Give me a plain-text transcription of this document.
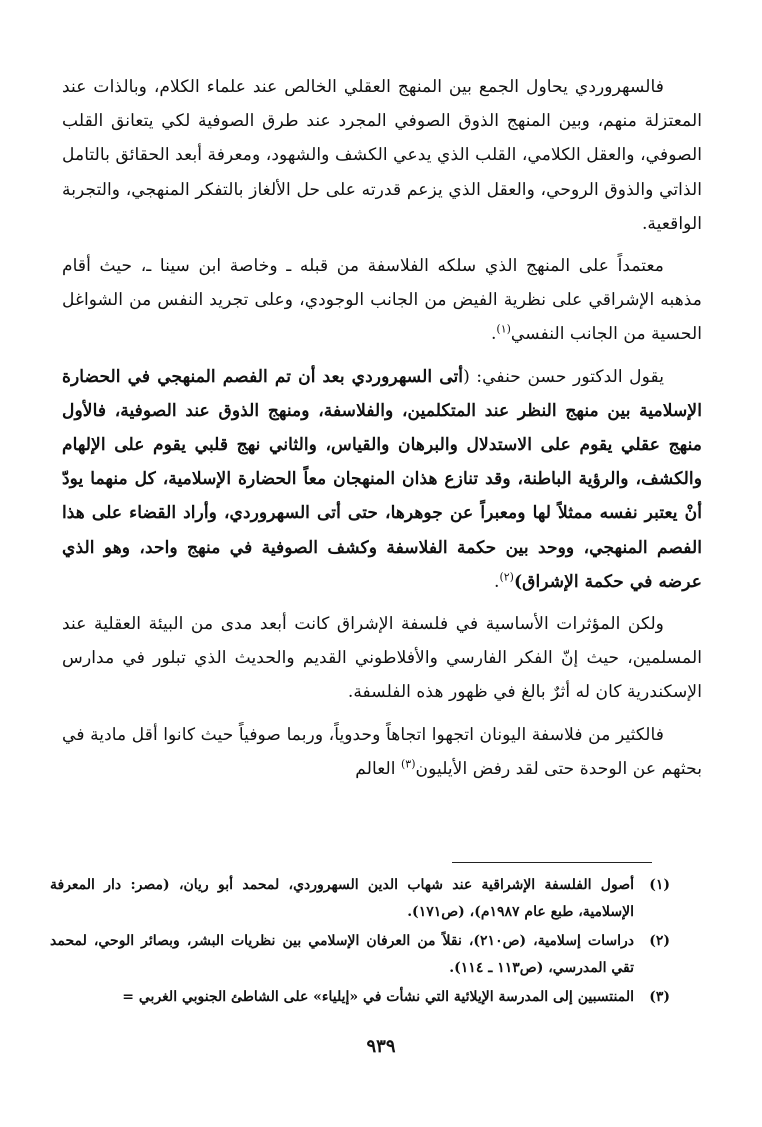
فالسهروردي يحاول الجمع بين المنهج العقلي الخالص عند علماء الكلام، وبالذات عند المعتزلة منهم، وبين المنهج الذوق الصوفي المجرد عند طرق الصوفية لكي يتعانق القلب الصوفي، والعقل الكلامي، القلب الذي يدعي الكشف والشهود، ومعرفة أبعد الحقائق بالتامل الذاتي والذوق الروحي، والعقل الذي يزعم قدرته على حل الألغاز بالتفكر المنهجي، والتجربة الواقعية.

معتمداً على المنهج الذي سلكه الفلاسفة من قبله ـ وخاصة ابن سينا ـ، حيث أقام مذهبه الإشراقي على نظرية الفيض من الجانب الوجودي، وعلى تجريد النفس من الشواغل الحسية من الجانب النفسي$^{(١)}$.

يقول الدكتور حسن حنفي: (أتى السهروردي بعد أن تم الفصم المنهجي في الحضارة الإسلامية بين منهج النظر عند المتكلمين، والفلاسفة، ومنهج الذوق عند الصوفية، فالأول منهج عقلي يقوم على الاستدلال والبرهان والقياس، والثاني نهج قلبي يقوم على الإلهام والكشف، والرؤية الباطنة، وقد تنازع هذان المنهجان معاً الحضارة الإسلامية، كل منهما يودّ أنْ يعتبر نفسه ممثلاً لها ومعبراً عن جوهرها، حتى أتى السهروردي، وأراد القضاء على هذا الفصم المنهجي، ووحد بين حكمة الفلاسفة وكشف الصوفية في منهج واحد، وهو الذي عرضه في حكمة الإشراق)$^{(٢)}$.

ولكن المؤثرات الأساسية في فلسفة الإشراق كانت أبعد مدى من البيئة العقلية عند المسلمين، حيث إنّ الفكر الفارسي والأفلاطوني القديم والحديث الذي تبلور في مدارس الإسكندرية كان له أثرٌ بالغ في ظهور هذه الفلسفة.

فالكثير من فلاسفة اليونان اتجهوا اتجاهاً وحدوياً، وربما صوفياً حيث كانوا أقل مادية في بحثهم عن الوحدة حتى لقد رفض الأيليون$^{(٣)}$ العالم

(١)
أصول الفلسفة الإشراقية عند شهاب الدين السهروردي، لمحمد أبو ريان، (مصر: دار المعرفة الإسلامية، طبع عام ١٩٨٧م)، (ص١٧١).
(٢)
دراسات إسلامية، (ص٢١٠)، نقلاً من العرفان الإسلامي بين نظريات البشر، وبصائر الوحي، لمحمد تقي المدرسي، (ص١١٣ ـ ١١٤).
(٣)
المنتسبين إلى المدرسة الإيلائية التي نشأت في «إيلياء» على الشاطئ الجنوبي الغربي =
٩٣٩
